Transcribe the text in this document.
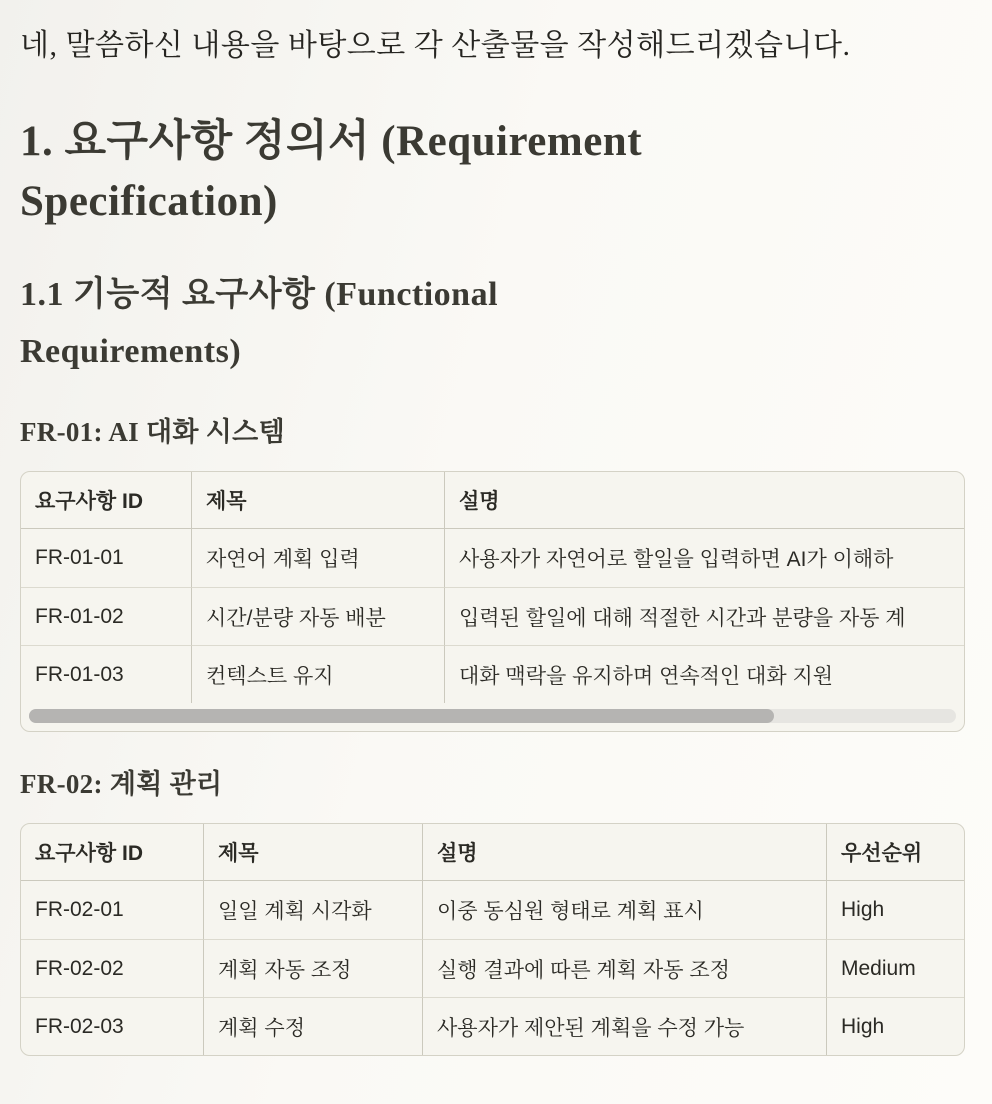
네, 말씀하신 내용을 바탕으로 각 산출물을 작성해드리겠습니다.

1. 요구사항 정의서 (Requirement Specification)
1.1 기능적 요구사항 (Functional Requirements)
FR-01: AI 대화 시스템
요구사항 ID	제목	설명
FR-01-01	자연어 계획 입력	사용자가 자연어로 할일을 입력하면 AI가 이해하
FR-01-02	시간/분량 자동 배분	입력된 할일에 대해 적절한 시간과 분량을 자동 계
FR-01-03	컨텍스트 유지	대화 맥락을 유지하며 연속적인 대화 지원
FR-02: 계획 관리
요구사항 ID	제목	설명	우선순위
FR-02-01	일일 계획 시각화	이중 동심원 형태로 계획 표시	High
FR-02-02	계획 자동 조정	실행 결과에 따른 계획 자동 조정	Medium
FR-02-03	계획 수정	사용자가 제안된 계획을 수정 가능	High
